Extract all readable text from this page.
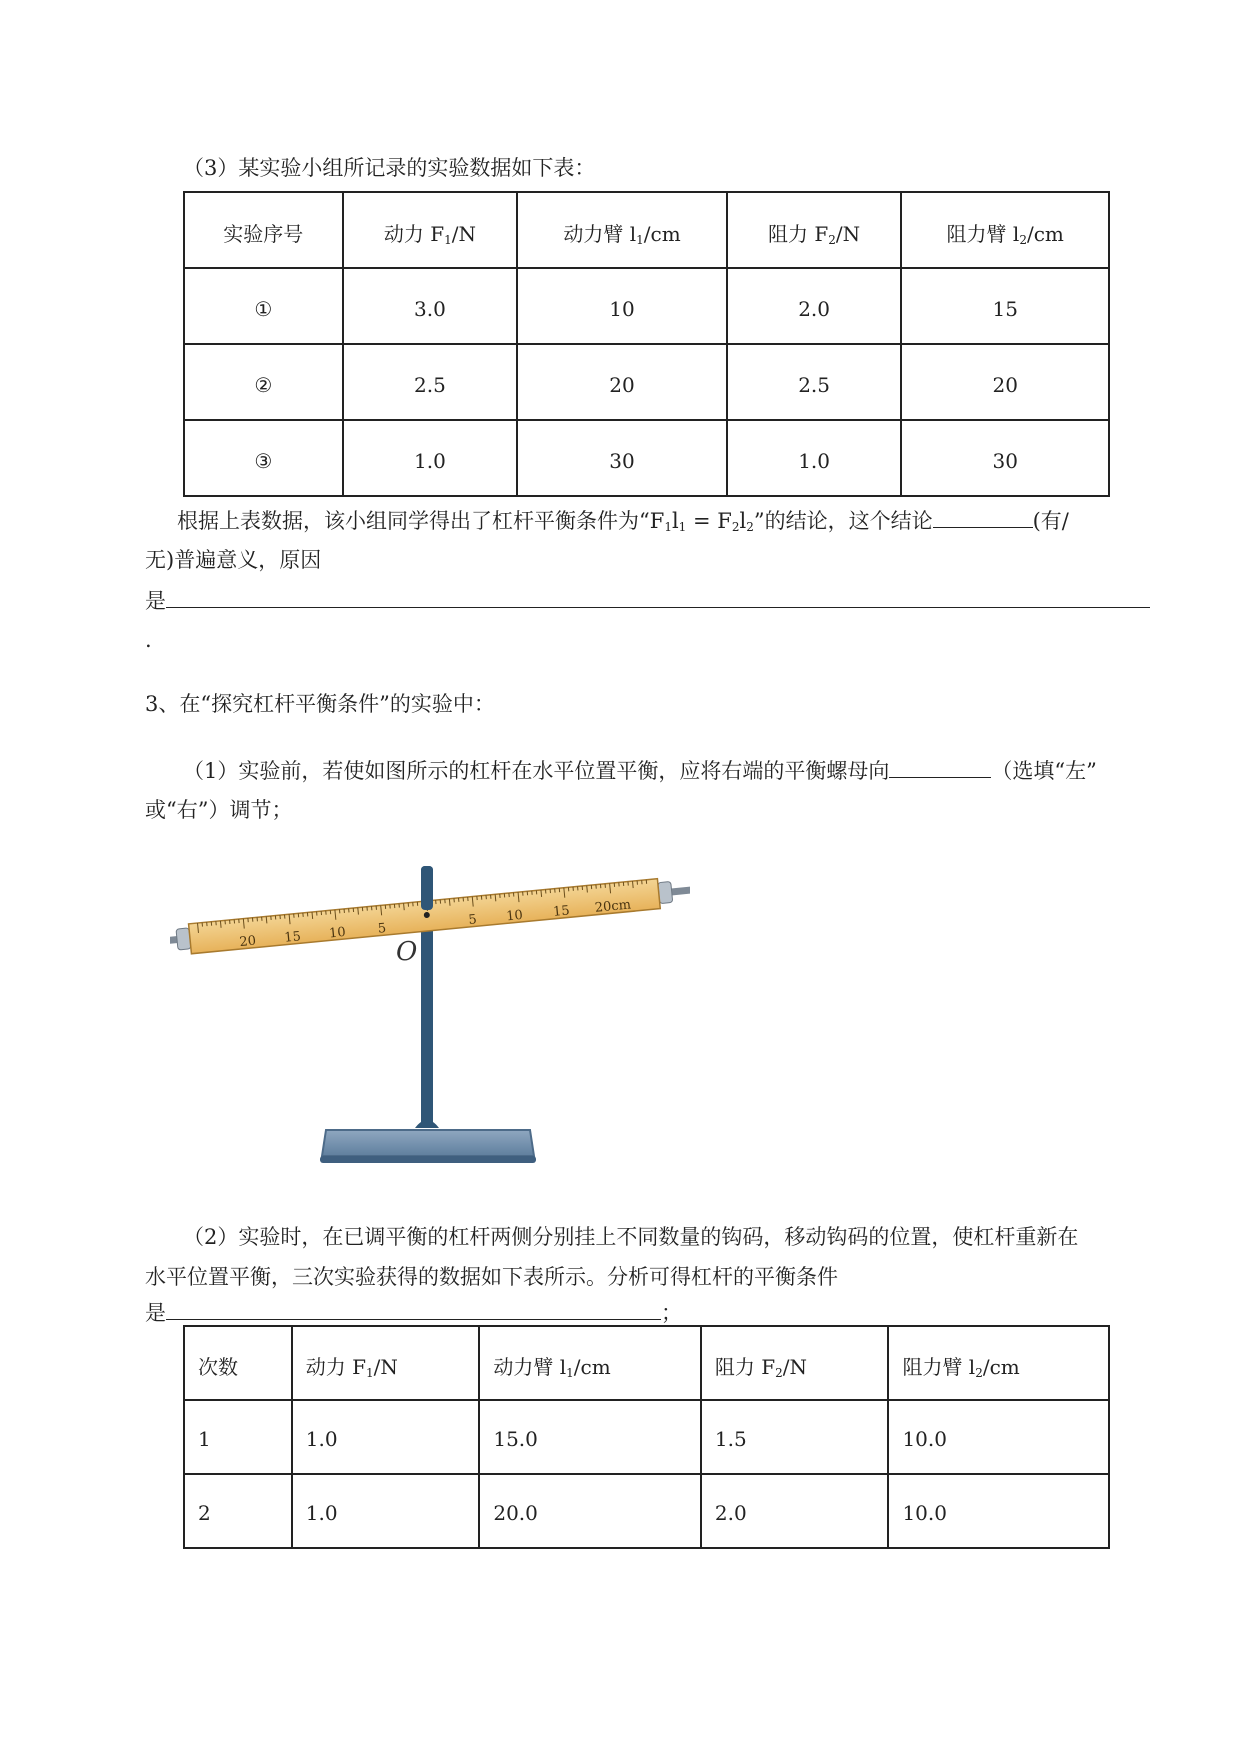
（3）某实验小组所记录的实验数据如下表：
实验序号	动力 $F_1/N$	动力臂 $l_1/cm$	阻力 $F_2/N$	阻力臂 $l_2/cm$
①	3.0	10	2.0	15
②	2.5	20	2.5	20
③	1.0	30	1.0	30
根据上表数据，该小组同学得出了杠杆平衡条件为“$F_1l_1 = F_2l_2$”的结论，这个结论	(有/
无)普遍意义，原因
是
.
3、在“探究杠杆平衡条件”的实验中：
（1）实验前，若使如图所示的杠杆在水平位置平衡，应将右端的平衡螺母向	（选填“左”
或“右”）调节；
20 15 10 5
5 10 15 20cm
O
（2）实验时，在已调平衡的杠杆两侧分别挂上不同数量的钩码，移动钩码的位置，使杠杆重新在
水平位置平衡，三次实验获得的数据如下表所示。分析可得杠杆的平衡条件
是	；
次数	动力 $F_1/N$	动力臂 $l_1/cm$	阻力 $F_2/N$	阻力臂 $l_2/cm$
1	1.0	15.0	1.5	10.0
2	1.0	20.0	2.0	10.0
